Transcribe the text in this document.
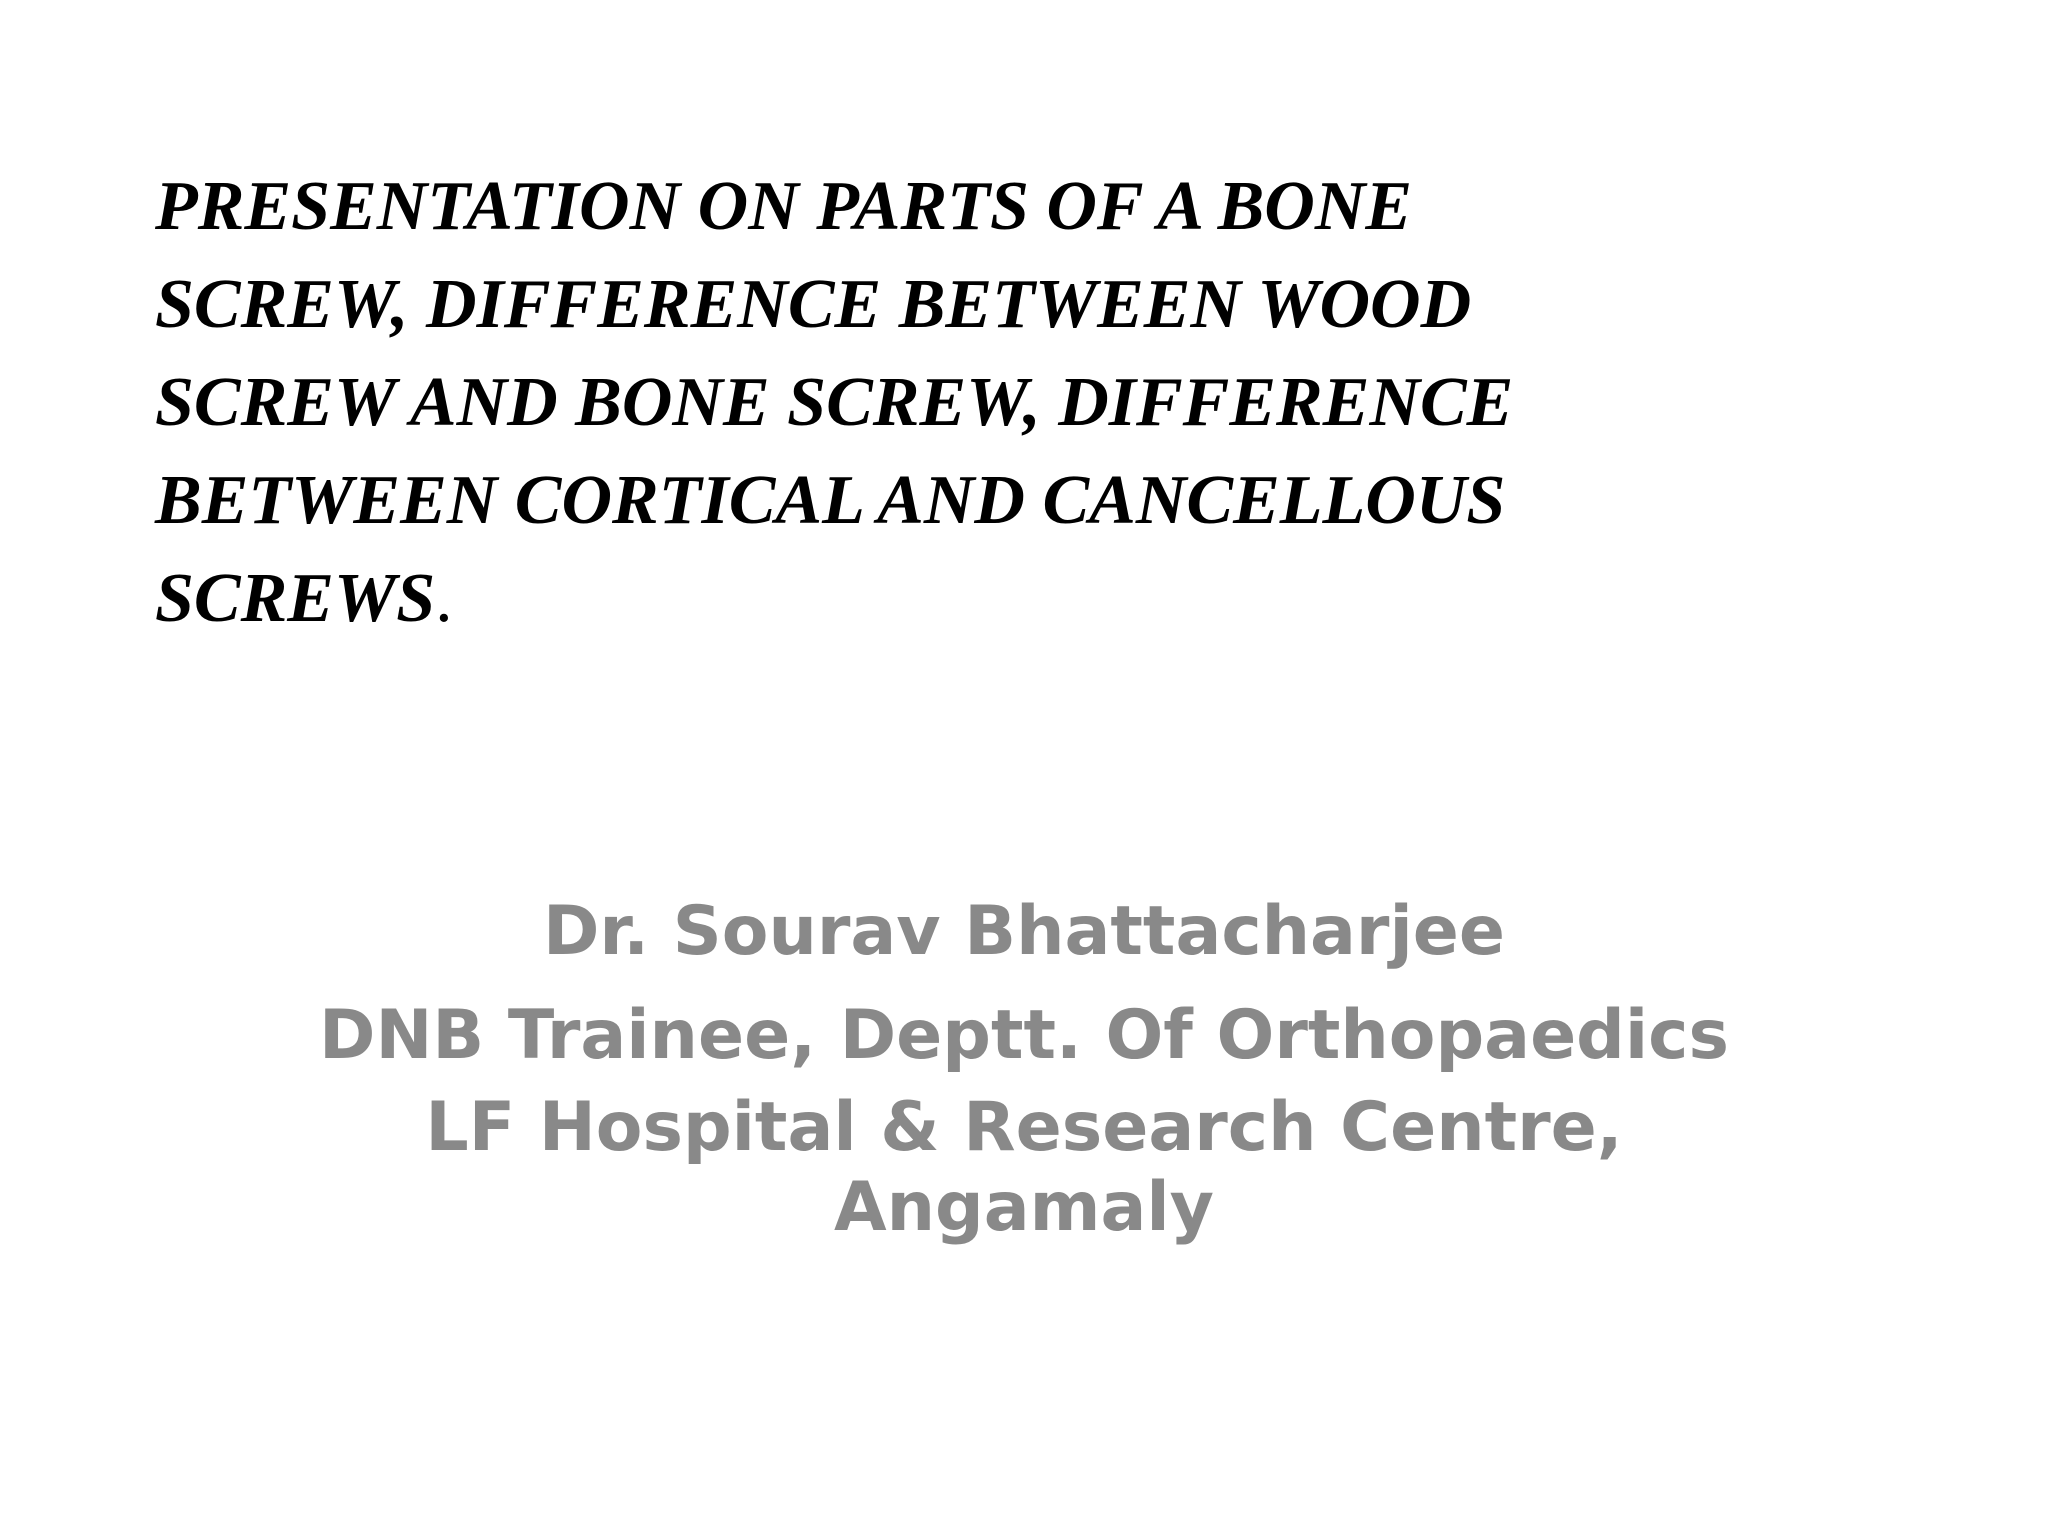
PRESENTATION ON PARTS OF A BONE
SCREW, DIFFERENCE BETWEEN WOOD
SCREW AND BONE SCREW, DIFFERENCE
BETWEEN CORTICAL AND CANCELLOUS
SCREWS.
Dr. Sourav Bhattacharjee
DNB Trainee, Deptt. Of Orthopaedics
LF Hospital & Research Centre,
Angamaly
